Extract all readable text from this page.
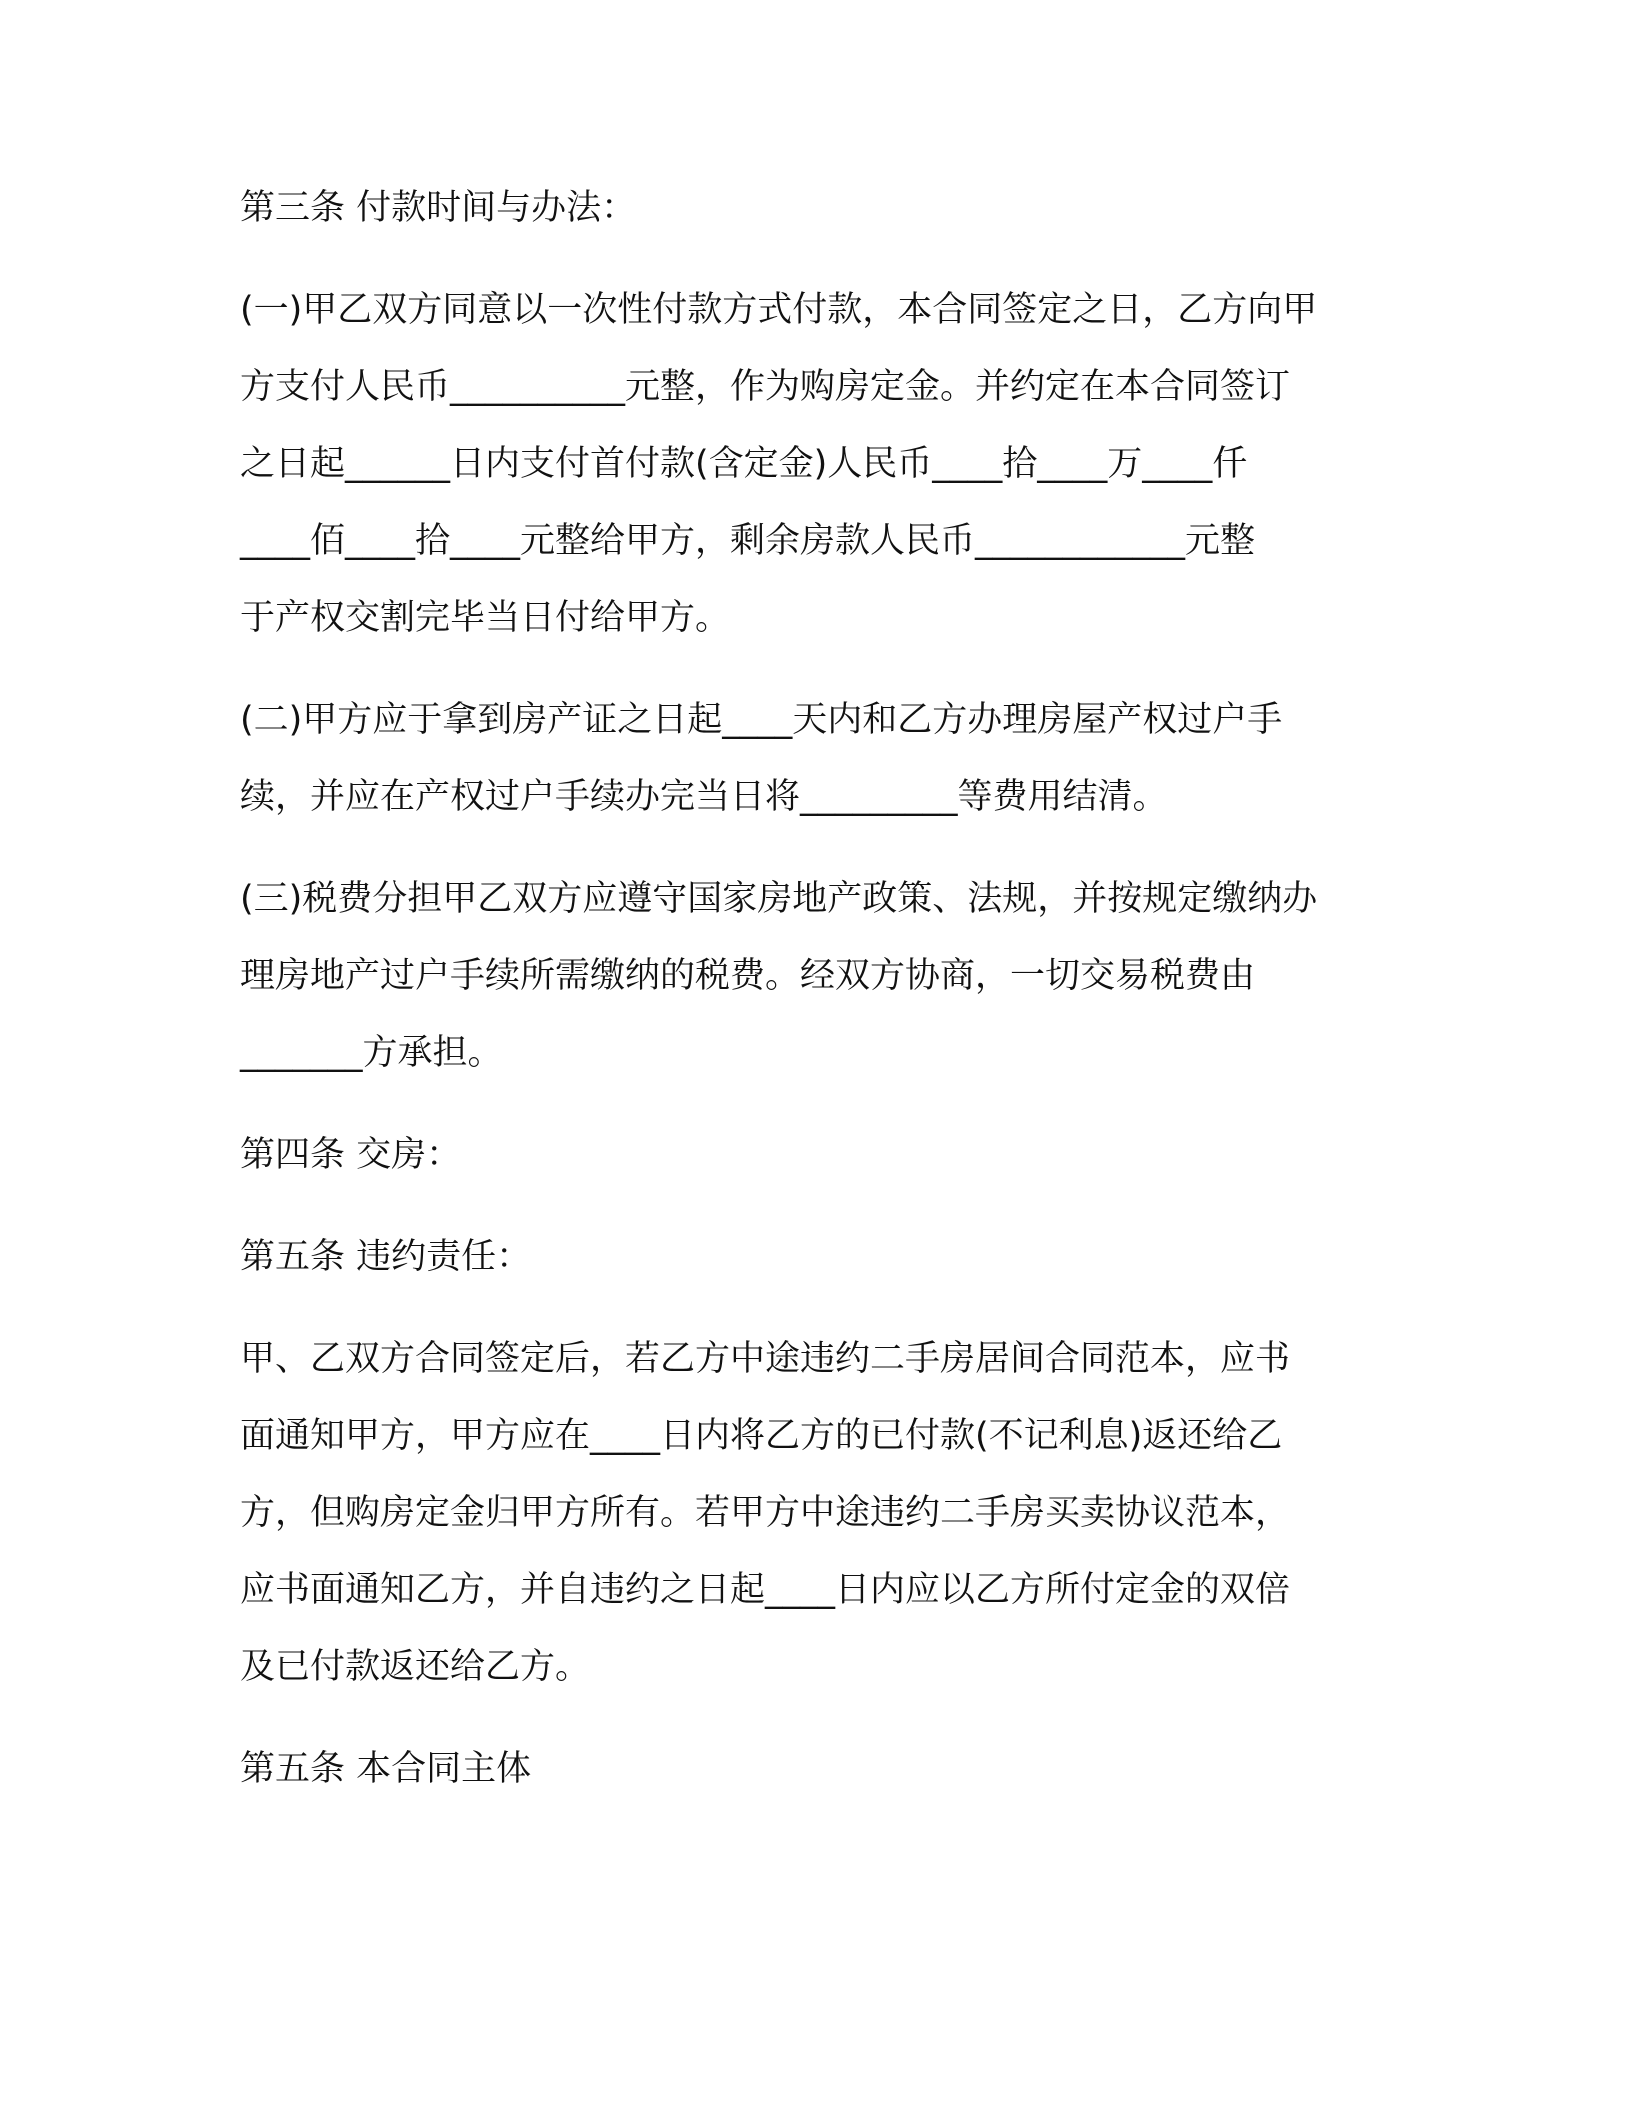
第三条 付款时间与办法：
(一)甲乙双方同意以一次性付款方式付款，本合同签定之日，乙方向甲
方支付人民币__________元整，作为购房定金。并约定在本合同签订
之日起______日内支付首付款(含定金)人民币____拾____万____仟
____佰____拾____元整给甲方，剩余房款人民币____________元整
于产权交割完毕当日付给甲方。
(二)甲方应于拿到房产证之日起____天内和乙方办理房屋产权过户手
续，并应在产权过户手续办完当日将_________等费用结清。
(三)税费分担甲乙双方应遵守国家房地产政策、法规，并按规定缴纳办
理房地产过户手续所需缴纳的税费。经双方协商，一切交易税费由
_______方承担。
第四条 交房：
第五条 违约责任：
甲、乙双方合同签定后，若乙方中途违约二手房居间合同范本，应书
面通知甲方，甲方应在____日内将乙方的已付款(不记利息)返还给乙
方，但购房定金归甲方所有。若甲方中途违约二手房买卖协议范本，
应书面通知乙方，并自违约之日起____日内应以乙方所付定金的双倍
及已付款返还给乙方。
第五条 本合同主体
